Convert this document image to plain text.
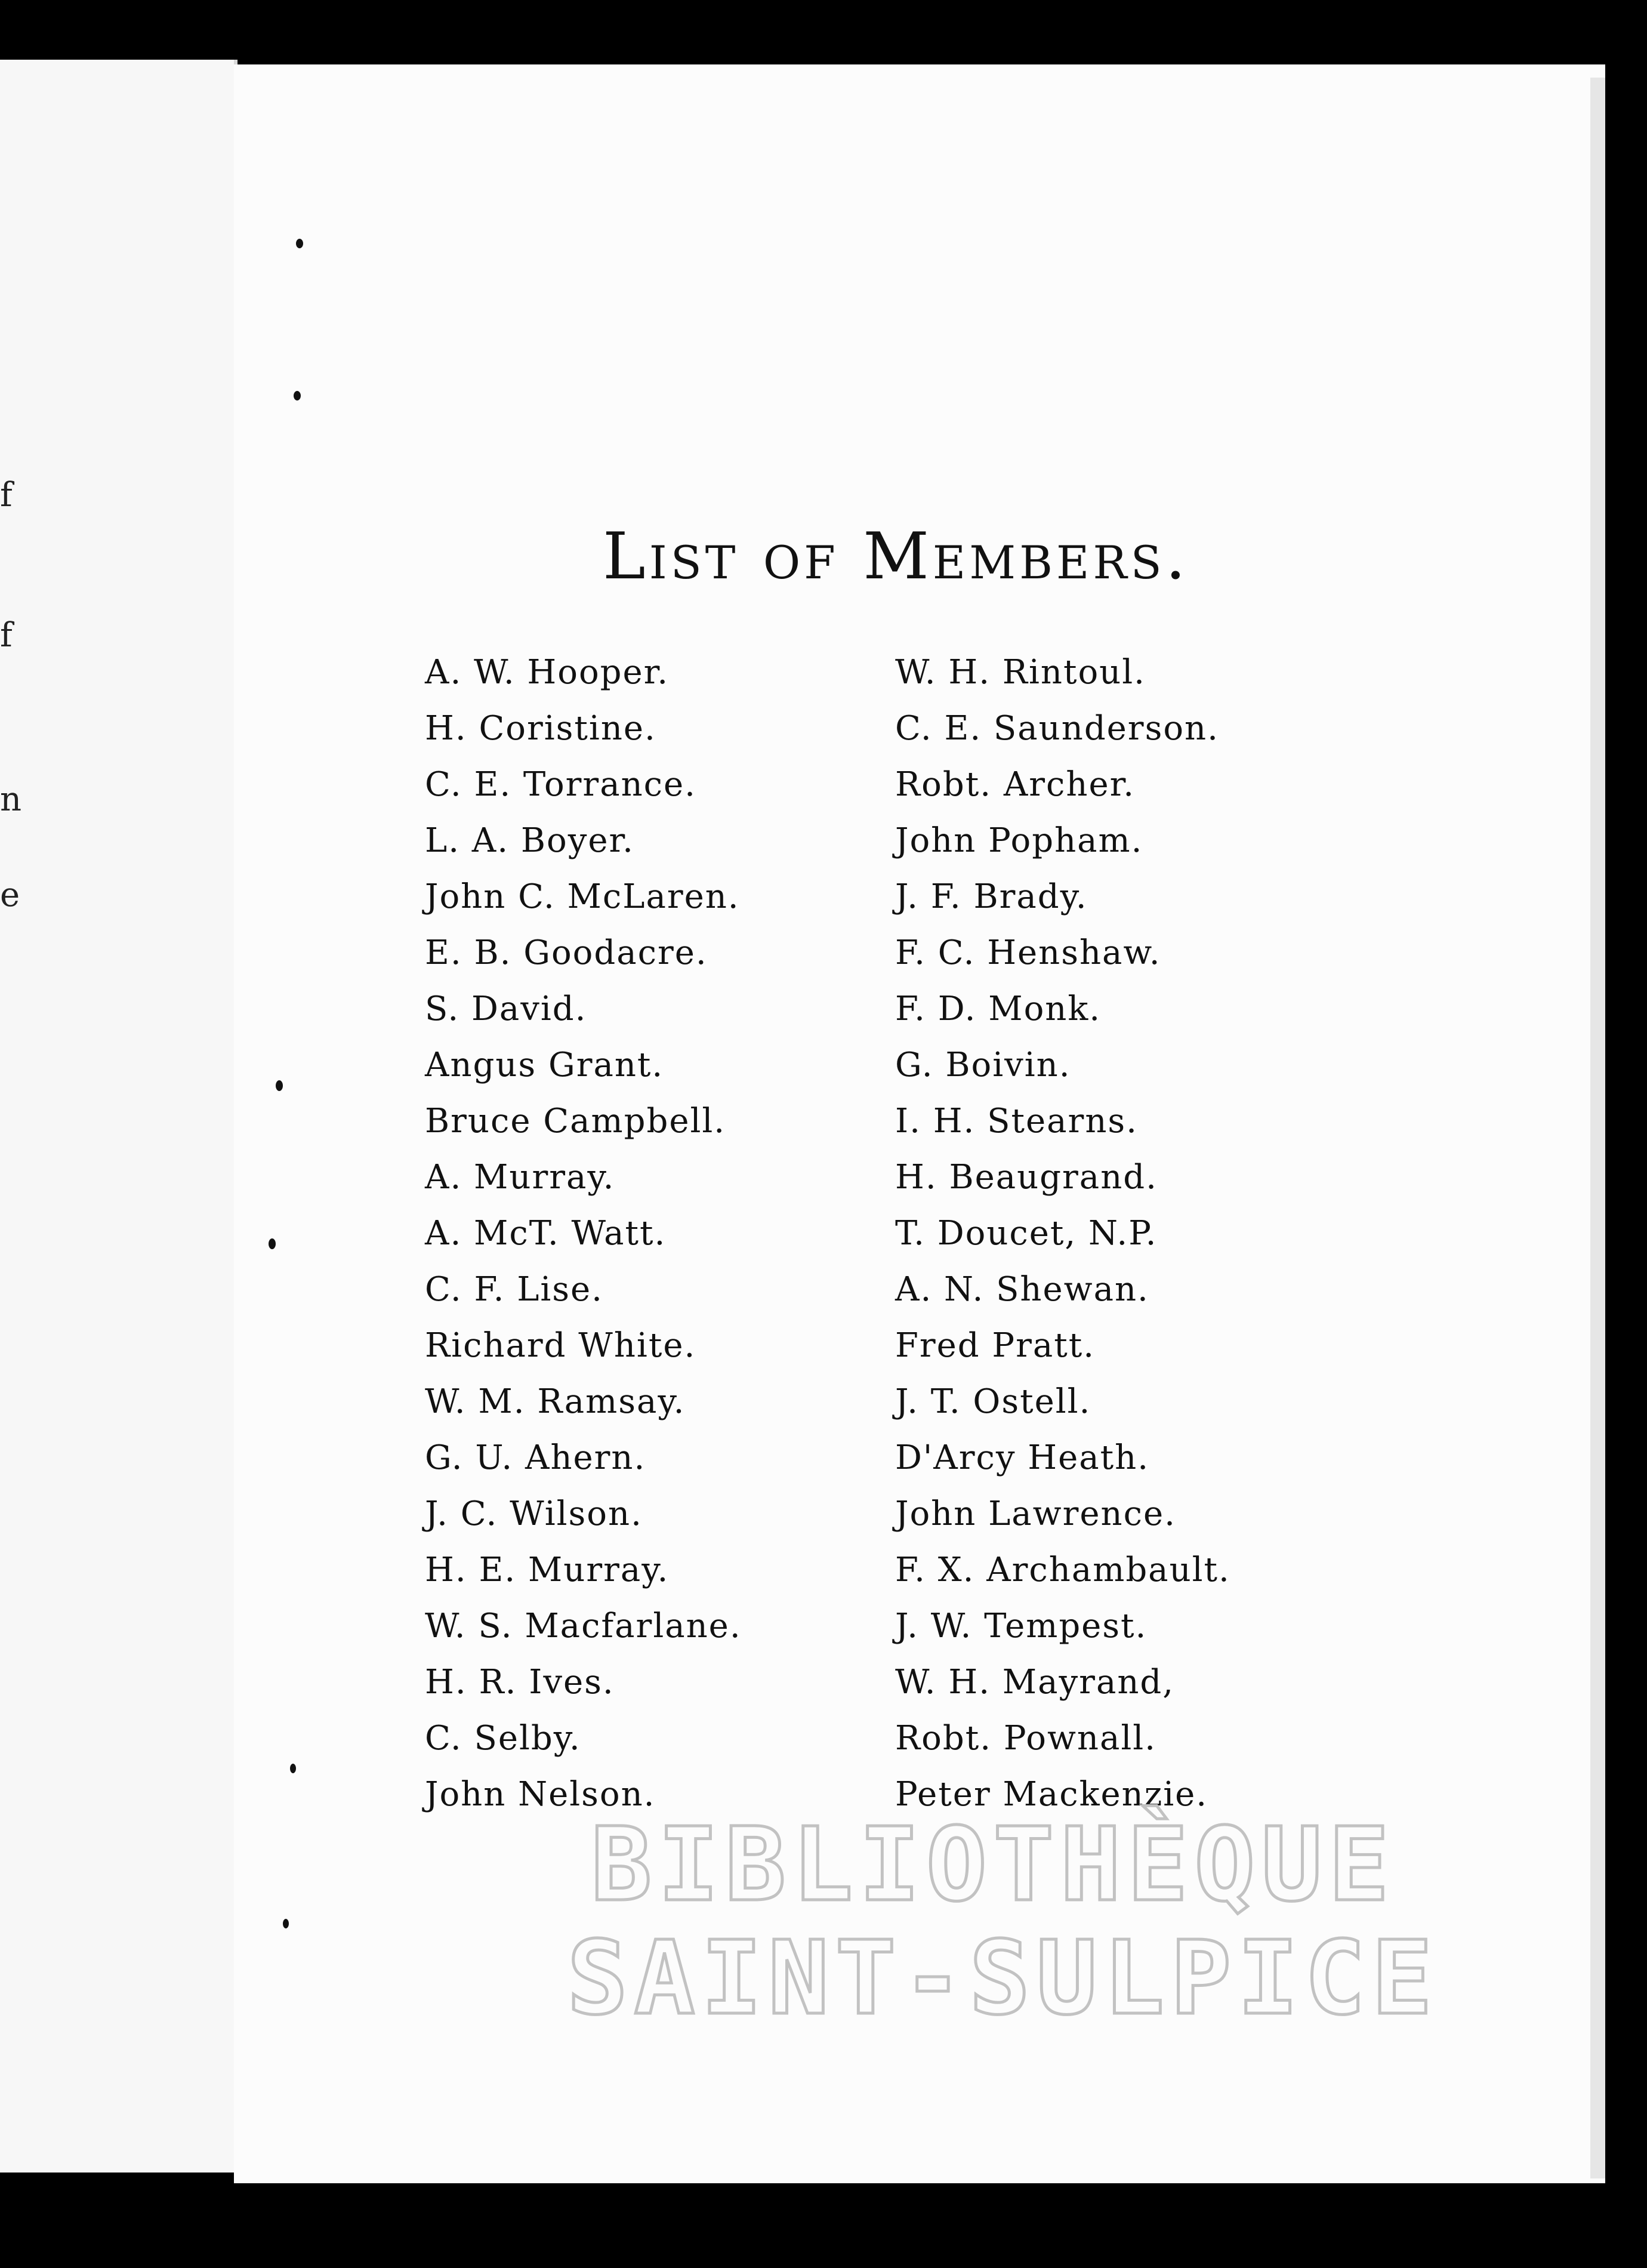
f
f
n
e
List of Members.
A. W. Hooper.
H. Coristine.
C. E. Torrance.
L. A. Boyer.
John C. McLaren.
E. B. Goodacre.
S. David.
Angus Grant.
Bruce Campbell.
A. Murray.
A. McT. Watt.
C. F. Lise.
Richard White.
W. M. Ramsay.
G. U. Ahern.
J. C. Wilson.
H. E. Murray.
W. S. Macfarlane.
H. R. Ives.
C. Selby.
John Nelson.
W. H. Rintoul.
C. E. Saunderson.
Robt. Archer.
John Popham.
J. F. Brady.
F. C. Henshaw.
F. D. Monk.
G. Boivin.
I. H. Stearns.
H. Beaugrand.
T. Doucet, N.P.
A. N. Shewan.
Fred Pratt.
J. T. Ostell.
D'Arcy Heath.
John Lawrence.
F. X. Archambault.
J. W. Tempest.
W. H. Mayrand,
Robt. Pownall.
Peter Mackenzie.
BIBLIOTHÈQUE
SAINT-SULPICE
